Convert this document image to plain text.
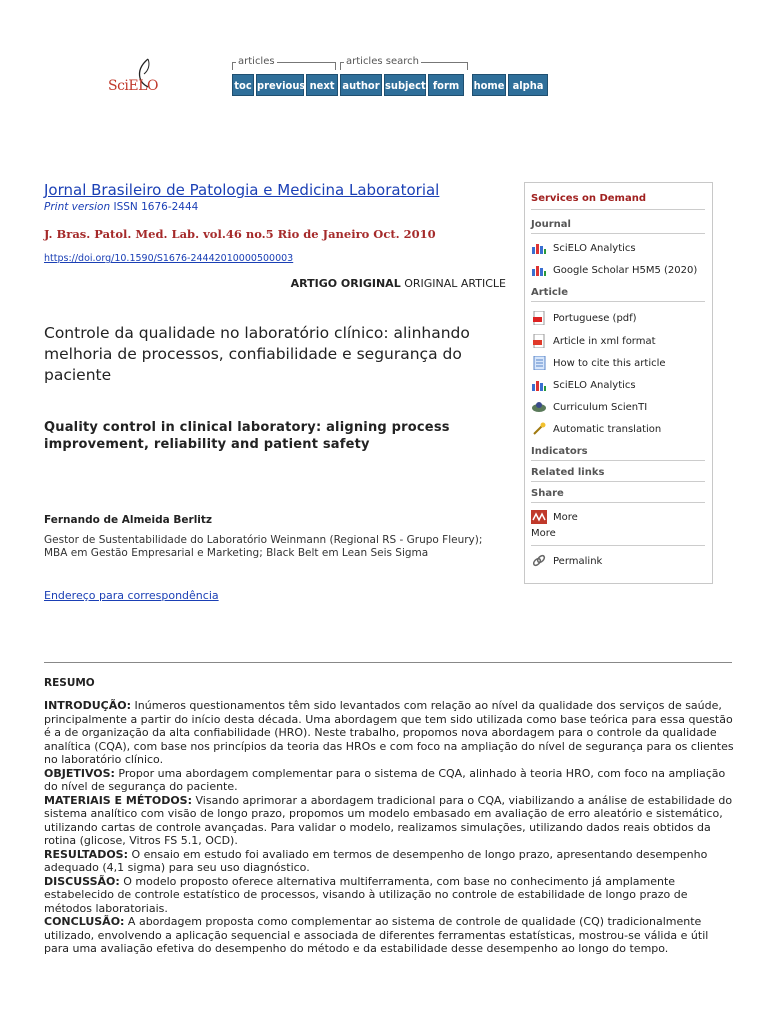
SciELO
articles
toc previous next
articles search
author subject form	home alpha
Jornal Brasileiro de Patologia e Medicina Laboratorial
Print version ISSN 1676-2444
J. Bras. Patol. Med. Lab. vol.46 no.5 Rio de Janeiro Oct. 2010
https://doi.org/10.1590/S1676-24442010000500003
ARTIGO ORIGINAL ORIGINAL ARTICLE
Controle da qualidade no laboratório clínico: alinhando melhoria de processos, confiabilidade e segurança do paciente
Quality control in clinical laboratory: aligning process improvement, reliability and patient safety
Fernando de Almeida Berlitz
Gestor de Sustentabilidade do Laboratório Weinmann (Regional RS - Grupo Fleury); MBA em Gestão Empresarial e Marketing; Black Belt em Lean Seis Sigma
Endereço para correspondência
Services on Demand
Journal
SciELO Analytics
Google Scholar H5M5 (2020)
Article
Portuguese (pdf)
Article in xml format
How to cite this article
SciELO Analytics
Curriculum ScienTI
Automatic translation
Indicators
Related links
Share
More
More
Permalink
RESUMO

INTRODUÇÃO: Inúmeros questionamentos têm sido levantados com relação ao nível da qualidade dos serviços de saúde, principalmente a partir do início desta década. Uma abordagem que tem sido utilizada como base teórica para essa questão é a de organização da alta confiabilidade (HRO). Neste trabalho, propomos nova abordagem para o controle da qualidade analítica (CQA), com base nos princípios da teoria das HROs e com foco na ampliação do nível de segurança para os clientes no laboratório clínico.

OBJETIVOS: Propor uma abordagem complementar para o sistema de CQA, alinhado à teoria HRO, com foco na ampliação do nível de segurança do paciente.

MATERIAIS E MÉTODOS: Visando aprimorar a abordagem tradicional para o CQA, viabilizando a análise de estabilidade do sistema analítico com visão de longo prazo, propomos um modelo embasado em avaliação de erro aleatório e sistemático, utilizando cartas de controle avançadas. Para validar o modelo, realizamos simulações, utilizando dados reais obtidos da rotina (glicose, Vitros FS 5.1, OCD).

RESULTADOS: O ensaio em estudo foi avaliado em termos de desempenho de longo prazo, apresentando desempenho adequado (4,1 sigma) para seu uso diagnóstico.

DISCUSSÃO: O modelo proposto oferece alternativa multiferramenta, com base no conhecimento já amplamente estabelecido de controle estatístico de processos, visando à utilização no controle de estabilidade de longo prazo de métodos laboratoriais.

CONCLUSÃO: A abordagem proposta como complementar ao sistema de controle de qualidade (CQ) tradicionalmente utilizado, envolvendo a aplicação sequencial e associada de diferentes ferramentas estatísticas, mostrou-se válida e útil para uma avaliação efetiva do desempenho do método e da estabilidade desse desempenho ao longo do tempo.
